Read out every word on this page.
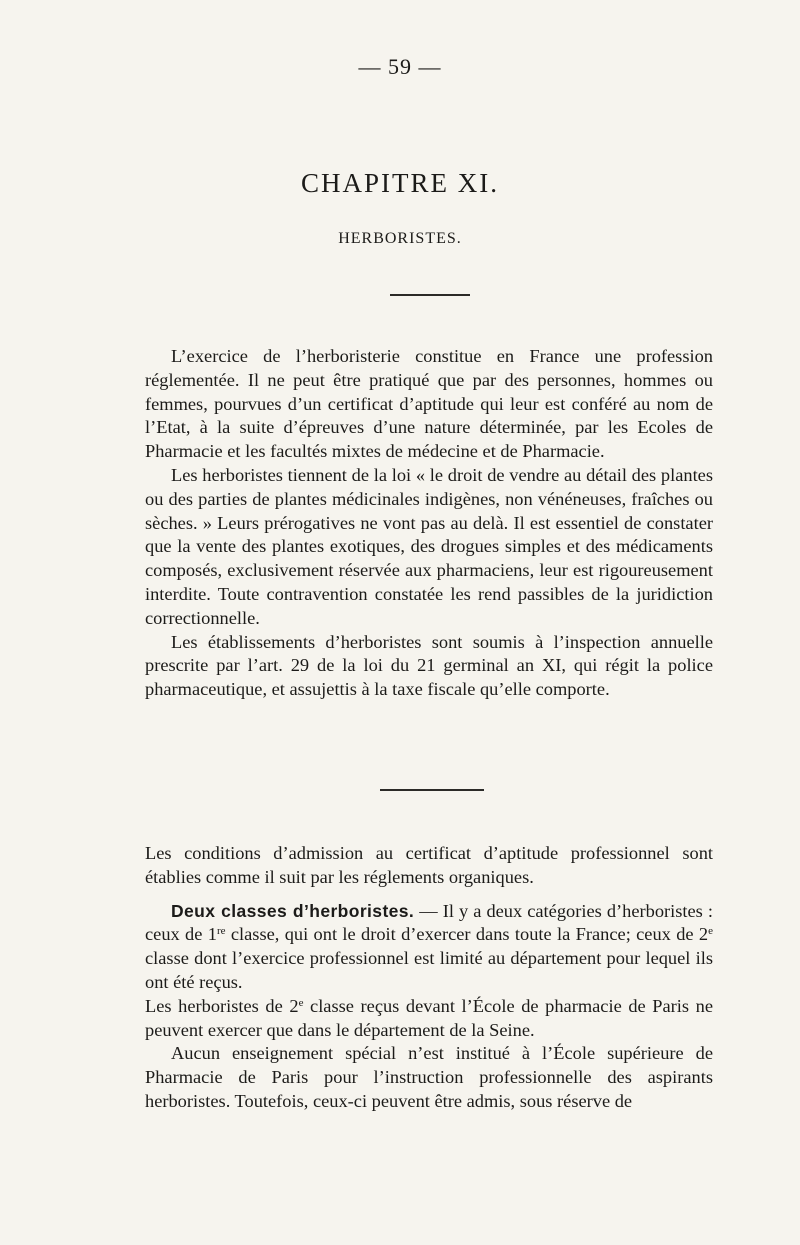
— 59 —
CHAPITRE XI.
HERBORISTES.

L’exercice de l’herboristerie constitue en France une profession réglementée. Il ne peut être pratiqué que par des personnes, hommes ou femmes, pourvues d’un certificat d’aptitude qui leur est conféré au nom de l’Etat, à la suite d’épreuves d’une nature déterminée, par les Ecoles de Pharmacie et les facultés mixtes de médecine et de Pharmacie.

Les herboristes tiennent de la loi « le droit de vendre au détail des plantes ou des parties de plantes médicinales indigènes, non vénéneuses, fraîches ou sèches. » Leurs prérogatives ne vont pas au delà. Il est essentiel de constater que la vente des plantes exotiques, des drogues simples et des médicaments composés, exclusivement réservée aux pharmaciens, leur est rigoureusement interdite. Toute contravention constatée les rend passibles de la juridiction correctionnelle.

Les établissements d’herboristes sont soumis à l’inspection annuelle prescrite par l’art. 29 de la loi du 21 germinal an XI, qui régit la police pharmaceutique, et assujettis à la taxe fiscale qu’elle comporte.

Les conditions d’admission au certificat d’aptitude professionnel sont établies comme il suit par les réglements organiques.

Deux classes d’herboristes. — Il y a deux catégories d’herboristes : ceux de 1re classe, qui ont le droit d’exercer dans toute la France; ceux de 2e classe dont l’exercice professionnel est limité au département pour lequel ils ont été reçus.

Les herboristes de 2e classe reçus devant l’École de pharmacie de Paris ne peuvent exercer que dans le département de la Seine.

Aucun enseignement spécial n’est institué à l’École supérieure de Pharmacie de Paris pour l’instruction professionnelle des aspirants herboristes. Toutefois, ceux-ci peuvent être admis, sous réserve de
